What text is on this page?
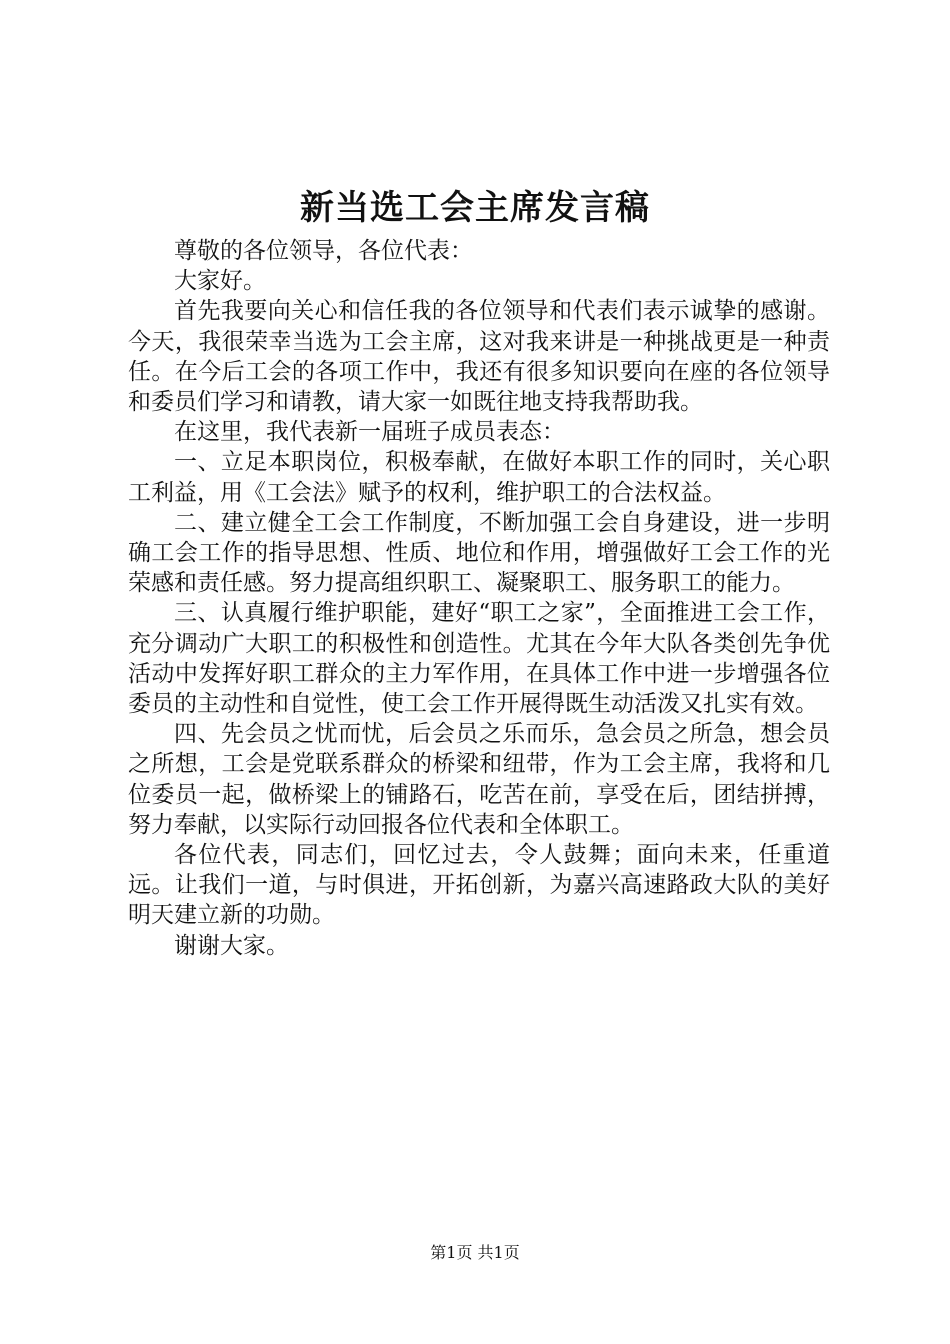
新当选工会主席发言稿

尊敬的各位领导，各位代表：

大家好。

首先我要向关心和信任我的各位领导和代表们表示诚挚的感谢。今天，我很荣幸当选为工会主席，这对我来讲是一种挑战更是一种责任。在今后工会的各项工作中，我还有很多知识要向在座的各位领导和委员们学习和请教，请大家一如既往地支持我帮助我。

在这里，我代表新一届班子成员表态：

一、立足本职岗位，积极奉献，在做好本职工作的同时，关心职工利益，用《工会法》赋予的权利，维护职工的合法权益。

二、建立健全工会工作制度，不断加强工会自身建设，进一步明确工会工作的指导思想、性质、地位和作用，增强做好工会工作的光荣感和责任感。努力提高组织职工、凝聚职工、服务职工的能力。

三、认真履行维护职能，建好“职工之家”，全面推进工会工作，充分调动广大职工的积极性和创造性。尤其在今年大队各类创先争优活动中发挥好职工群众的主力军作用，在具体工作中进一步增强各位委员的主动性和自觉性，使工会工作开展得既生动活泼又扎实有效。

四、先会员之忧而忧，后会员之乐而乐，急会员之所急，想会员之所想，工会是党联系群众的桥梁和纽带，作为工会主席，我将和几位委员一起，做桥梁上的铺路石，吃苦在前，享受在后，团结拼搏，努力奉献，以实际行动回报各位代表和全体职工。

各位代表，同志们，回忆过去，令人鼓舞；面向未来，任重道远。让我们一道，与时俱进，开拓创新，为嘉兴高速路政大队的美好明天建立新的功勋。

谢谢大家。

第1页 共1页
